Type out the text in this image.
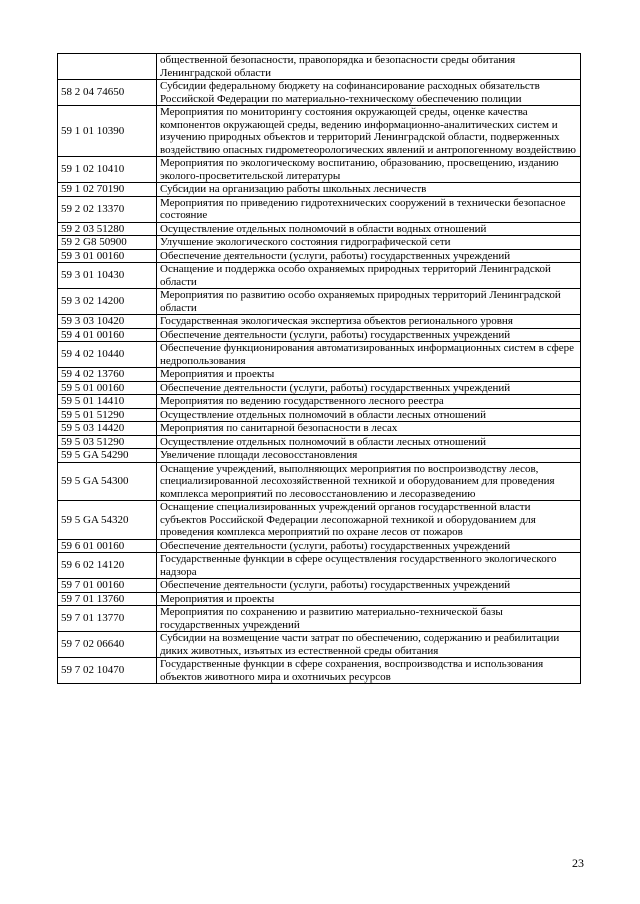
	общественной безопасности, правопорядка и безопасности среды обитания Ленинградской области
58 2 04 74650	Субсидии федеральному бюджету на софинансирование расходных обязательств Российской Федерации по материально-техническому обеспечению полиции
59 1 01 10390	Мероприятия по мониторингу состояния окружающей среды, оценке качества компонентов окружающей среды, ведению информационно-аналитических систем и изучению природных объектов и территорий Ленинградской области, подверженных воздействию опасных гидрометеорологических явлений и антропогенному воздействию
59 1 02 10410	Мероприятия по экологическому воспитанию, образованию, просвещению, изданию эколого-просветительской литературы
59 1 02 70190	Субсидии на организацию работы школьных лесничеств
59 2 02 13370	Мероприятия по приведению гидротехнических сооружений в технически безопасное состояние
59 2 03 51280	Осуществление отдельных полномочий в области водных отношений
59 2 G8 50900	Улучшение экологического состояния гидрографической сети
59 3 01 00160	Обеспечение деятельности (услуги, работы) государственных учреждений
59 3 01 10430	Оснащение и поддержка особо охраняемых природных территорий Ленинградской области
59 3 02 14200	Мероприятия по развитию особо охраняемых природных территорий Ленинградской области
59 3 03 10420	Государственная экологическая экспертиза объектов регионального уровня
59 4 01 00160	Обеспечение деятельности (услуги, работы) государственных учреждений
59 4 02 10440	Обеспечение функционирования автоматизированных информационных систем в сфере недропользования
59 4 02 13760	Мероприятия и проекты
59 5 01 00160	Обеспечение деятельности (услуги, работы) государственных учреждений
59 5 01 14410	Мероприятия по ведению государственного лесного реестра
59 5 01 51290	Осуществление отдельных полномочий в области лесных отношений
59 5 03 14420	Мероприятия по санитарной безопасности в лесах
59 5 03 51290	Осуществление отдельных полномочий в области лесных отношений
59 5 GA 54290	Увеличение площади лесовосстановления
59 5 GA 54300	Оснащение учреждений, выполняющих мероприятия по воспроизводству лесов, специализированной лесохозяйственной техникой и оборудованием для проведения комплекса мероприятий по лесовосстановлению и лесоразведению
59 5 GA 54320	Оснащение специализированных учреждений органов государственной власти субъектов Российской Федерации лесопожарной техникой и оборудованием для проведения комплекса мероприятий по охране лесов от пожаров
59 6 01 00160	Обеспечение деятельности (услуги, работы) государственных учреждений
59 6 02 14120	Государственные функции в сфере осуществления государственного экологического надзора
59 7 01 00160	Обеспечение деятельности (услуги, работы) государственных учреждений
59 7 01 13760	Мероприятия и проекты
59 7 01 13770	Мероприятия по сохранению и развитию материально-технической базы государственных учреждений
59 7 02 06640	Субсидии на возмещение части затрат по обеспечению, содержанию и реабилитации диких животных, изъятых из естественной среды обитания
59 7 02 10470	Государственные функции в сфере сохранения, воспроизводства и использования объектов животного мира и охотничьих ресурсов
23
